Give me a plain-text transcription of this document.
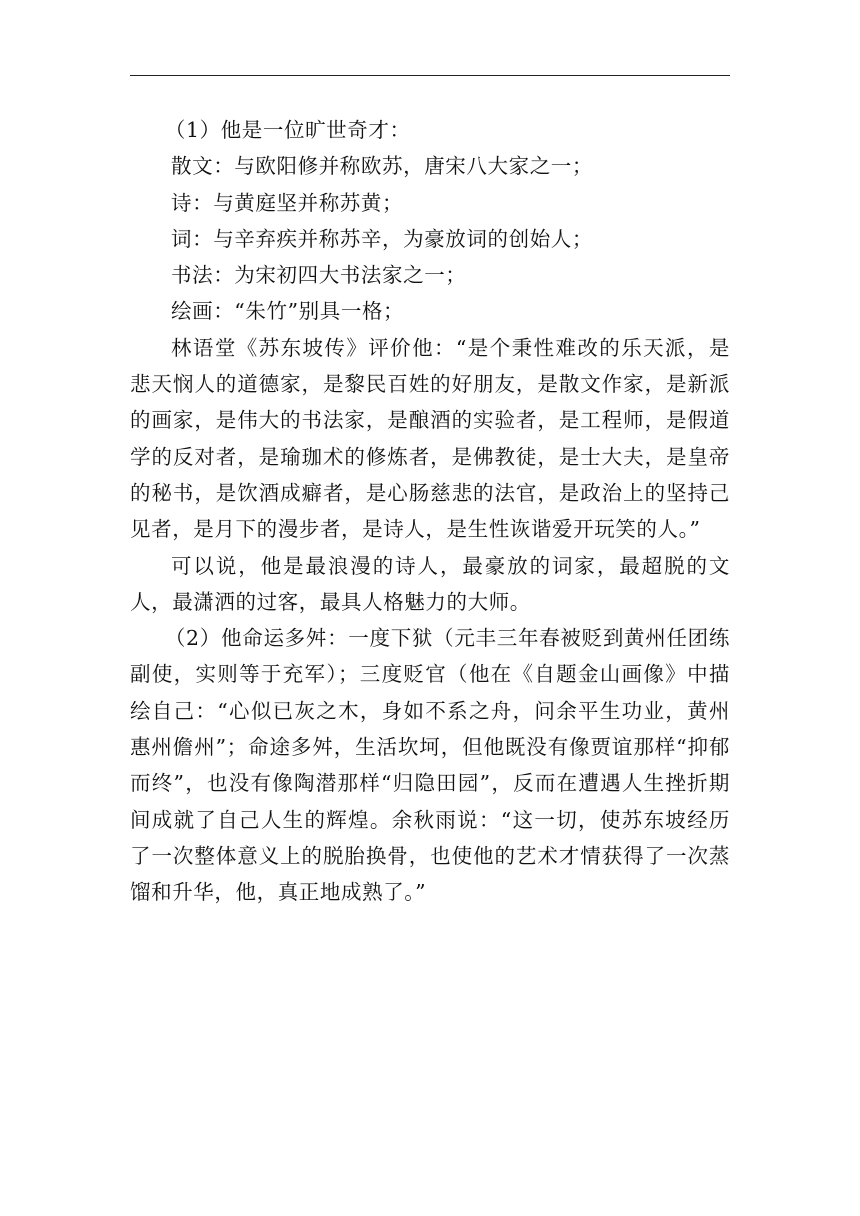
（1）他是一位旷世奇才：

散文：与欧阳修并称欧苏，唐宋八大家之一；

诗：与黄庭坚并称苏黄；

词：与辛弃疾并称苏辛，为豪放词的创始人；

书法：为宋初四大书法家之一；

绘画：“朱竹”别具一格；

林语堂《苏东坡传》评价他：“是个秉性难改的乐天派，是悲天悯人的道德家，是黎民百姓的好朋友，是散文作家，是新派的画家，是伟大的书法家，是酿酒的实验者，是工程师，是假道学的反对者，是瑜珈术的修炼者，是佛教徒，是士大夫，是皇帝的秘书，是饮酒成癖者，是心肠慈悲的法官，是政治上的坚持己见者，是月下的漫步者，是诗人，是生性诙谐爱开玩笑的人。”

可以说，他是最浪漫的诗人，最豪放的词家，最超脱的文人，最潇洒的过客，最具人格魅力的大师。

（2）他命运多舛：一度下狱（元丰三年春被贬到黄州任团练副使，实则等于充军）；三度贬官（他在《自题金山画像》中描绘自己：“心似已灰之木，身如不系之舟，问余平生功业，黄州惠州儋州”；命途多舛，生活坎坷，但他既没有像贾谊那样“抑郁而终”，也没有像陶潜那样“归隐田园”，反而在遭遇人生挫折期间成就了自己人生的辉煌。余秋雨说：“这一切，使苏东坡经历了一次整体意义上的脱胎换骨，也使他的艺术才情获得了一次蒸馏和升华，他，真正地成熟了。”
